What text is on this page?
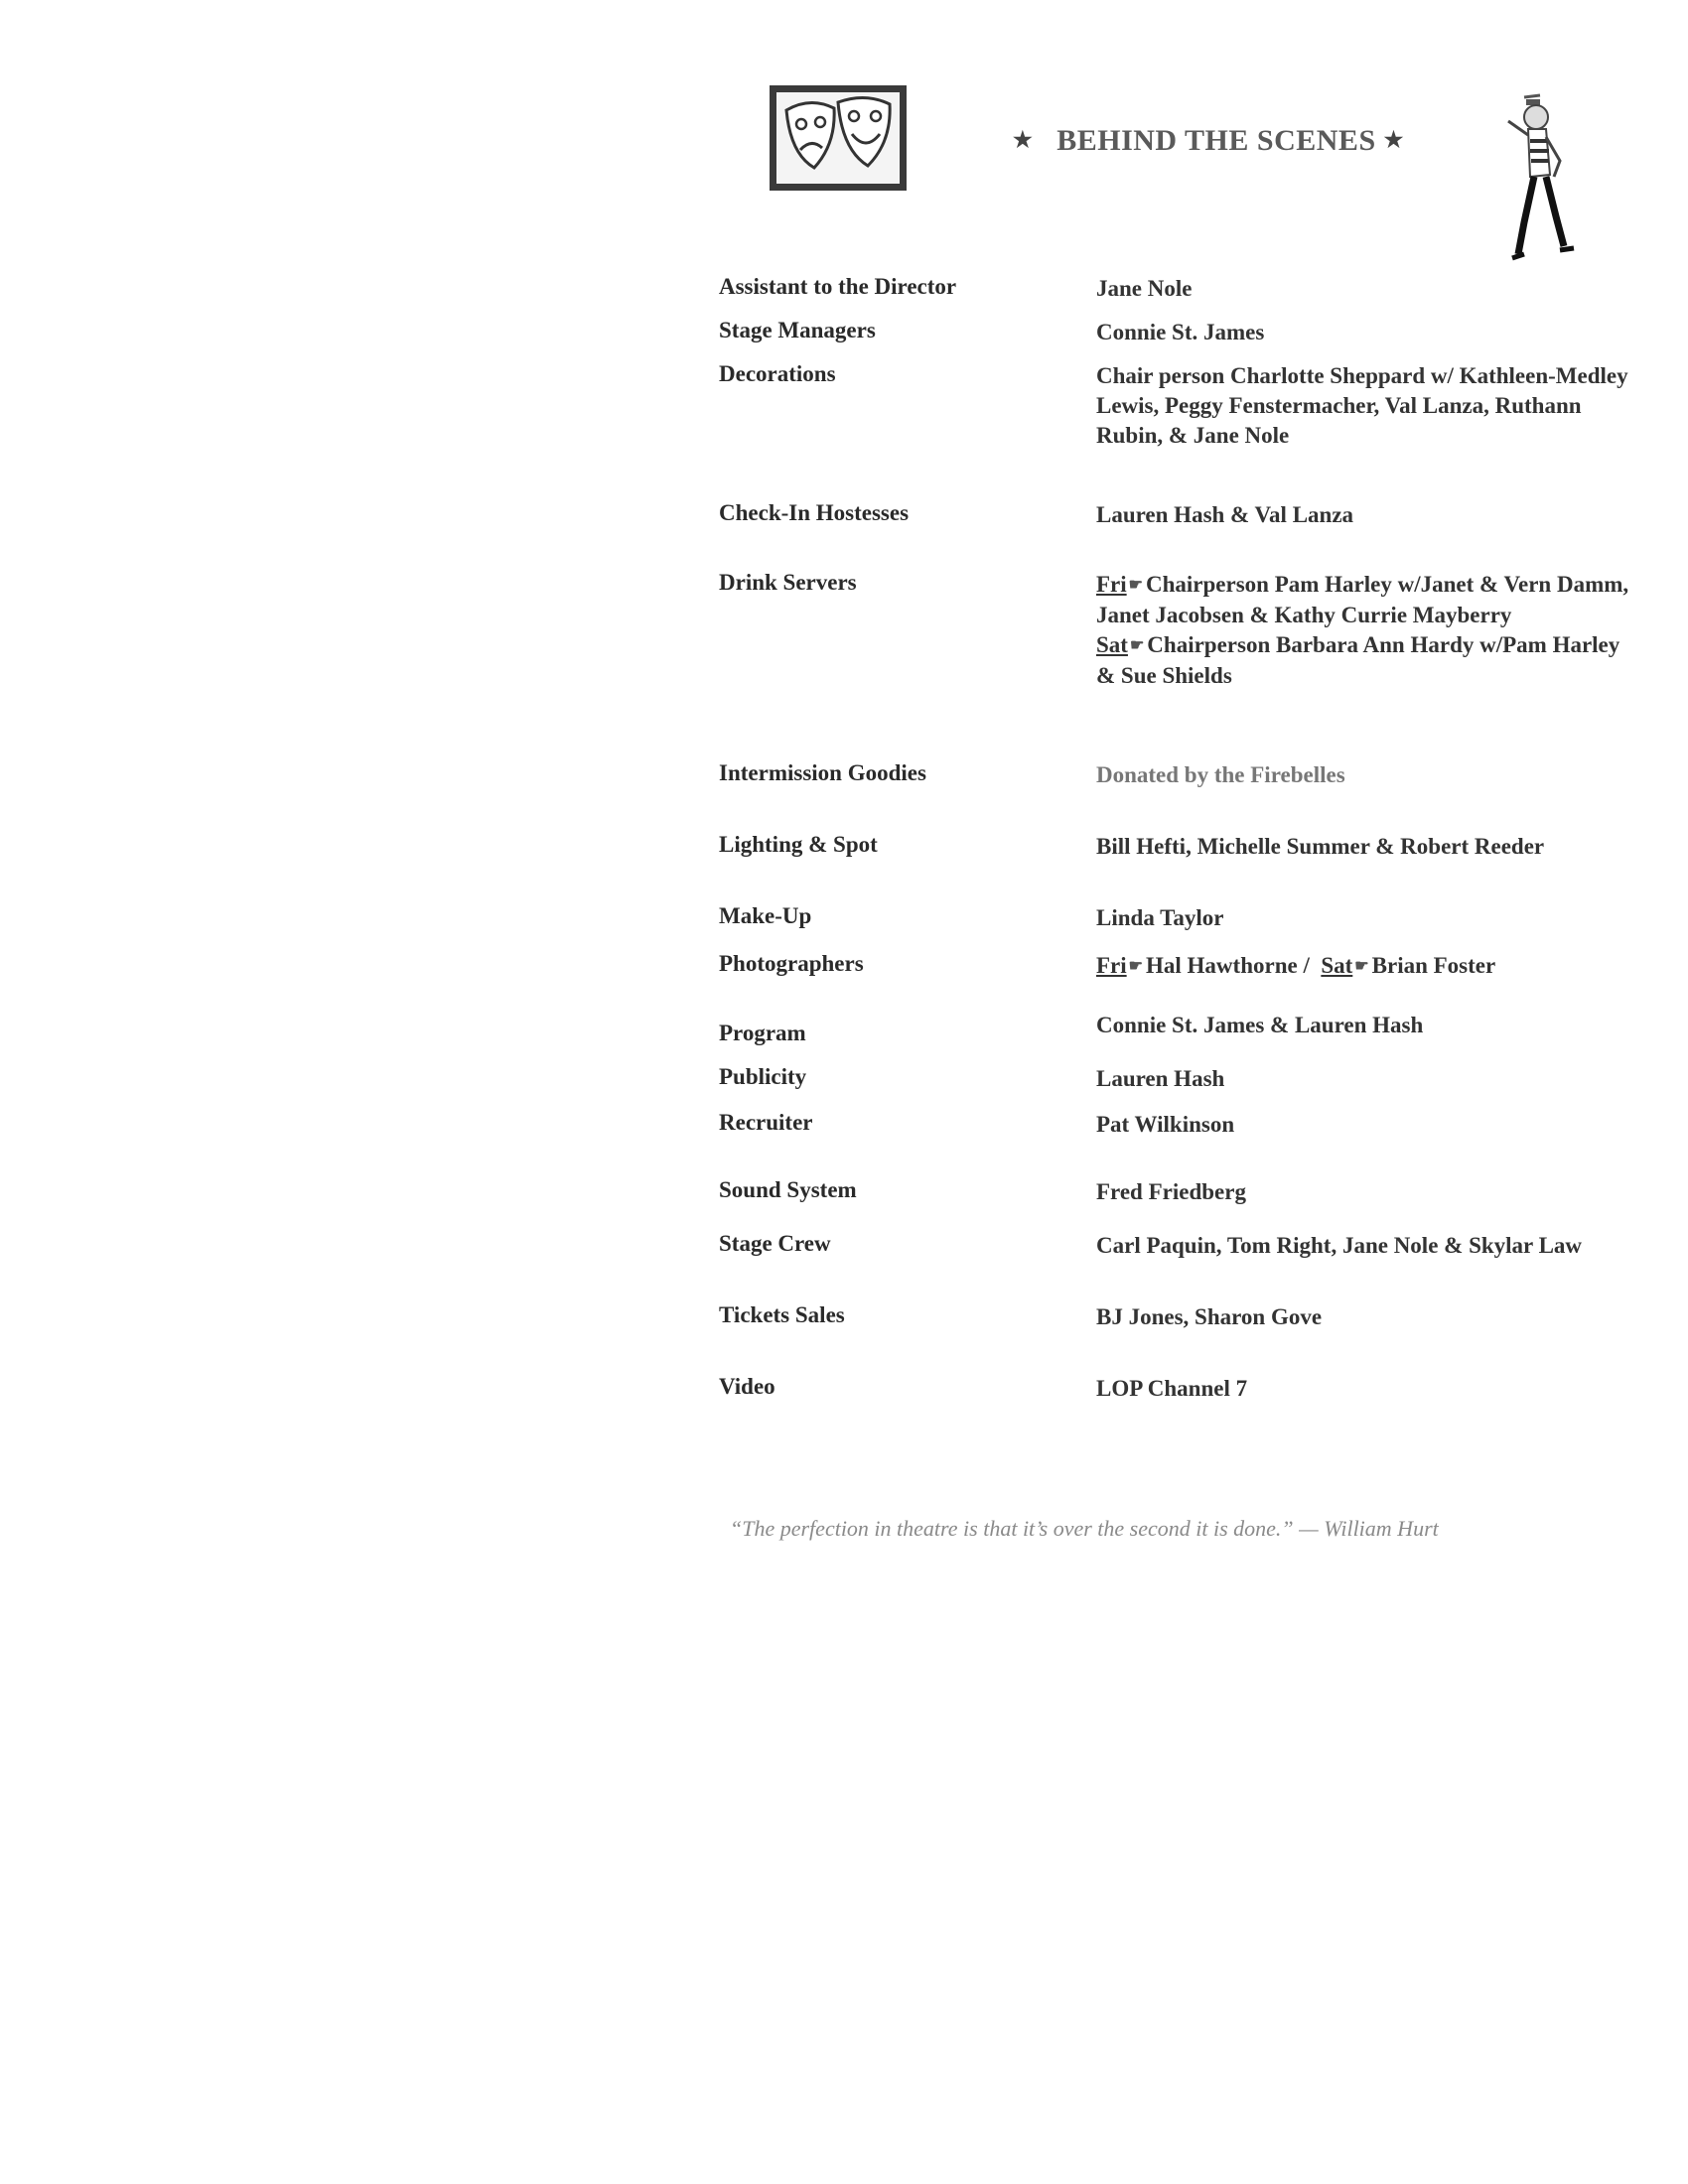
★ BEHIND THE SCENES ★
Assistant to the Director	Jane Nole
Stage Managers	Connie St. James
Decorations	Chair person Charlotte Sheppard w/ Kathleen-Medley Lewis, Peggy Fenstermacher, Val Lanza, Ruthann Rubin, & Jane Nole
Check-In Hostesses	Lauren Hash & Val Lanza
Drink Servers	Fri ☛ Chairperson Pam Harley w/Janet & Vern Damm, Janet Jacobsen & Kathy Currie Mayberry
Sat ☛ Chairperson Barbara Ann Hardy w/Pam Harley & Sue Shields
Intermission Goodies	Donated by the Firebelles
Lighting & Spot	Bill Hefti, Michelle Summer & Robert Reeder
Make-Up	Linda Taylor
Photographers	Fri ☛ Hal Hawthorne / Sat ☛ Brian Foster
Program	Connie St. James & Lauren Hash
Publicity	Lauren Hash
Recruiter	Pat Wilkinson
Sound System	Fred Friedberg
Stage Crew	Carl Paquin, Tom Right, Jane Nole & Skylar Law
Tickets Sales	BJ Jones, Sharon Gove
Video	LOP Channel 7
“The perfection in theatre is that it’s over the second it is done.” — William Hurt
